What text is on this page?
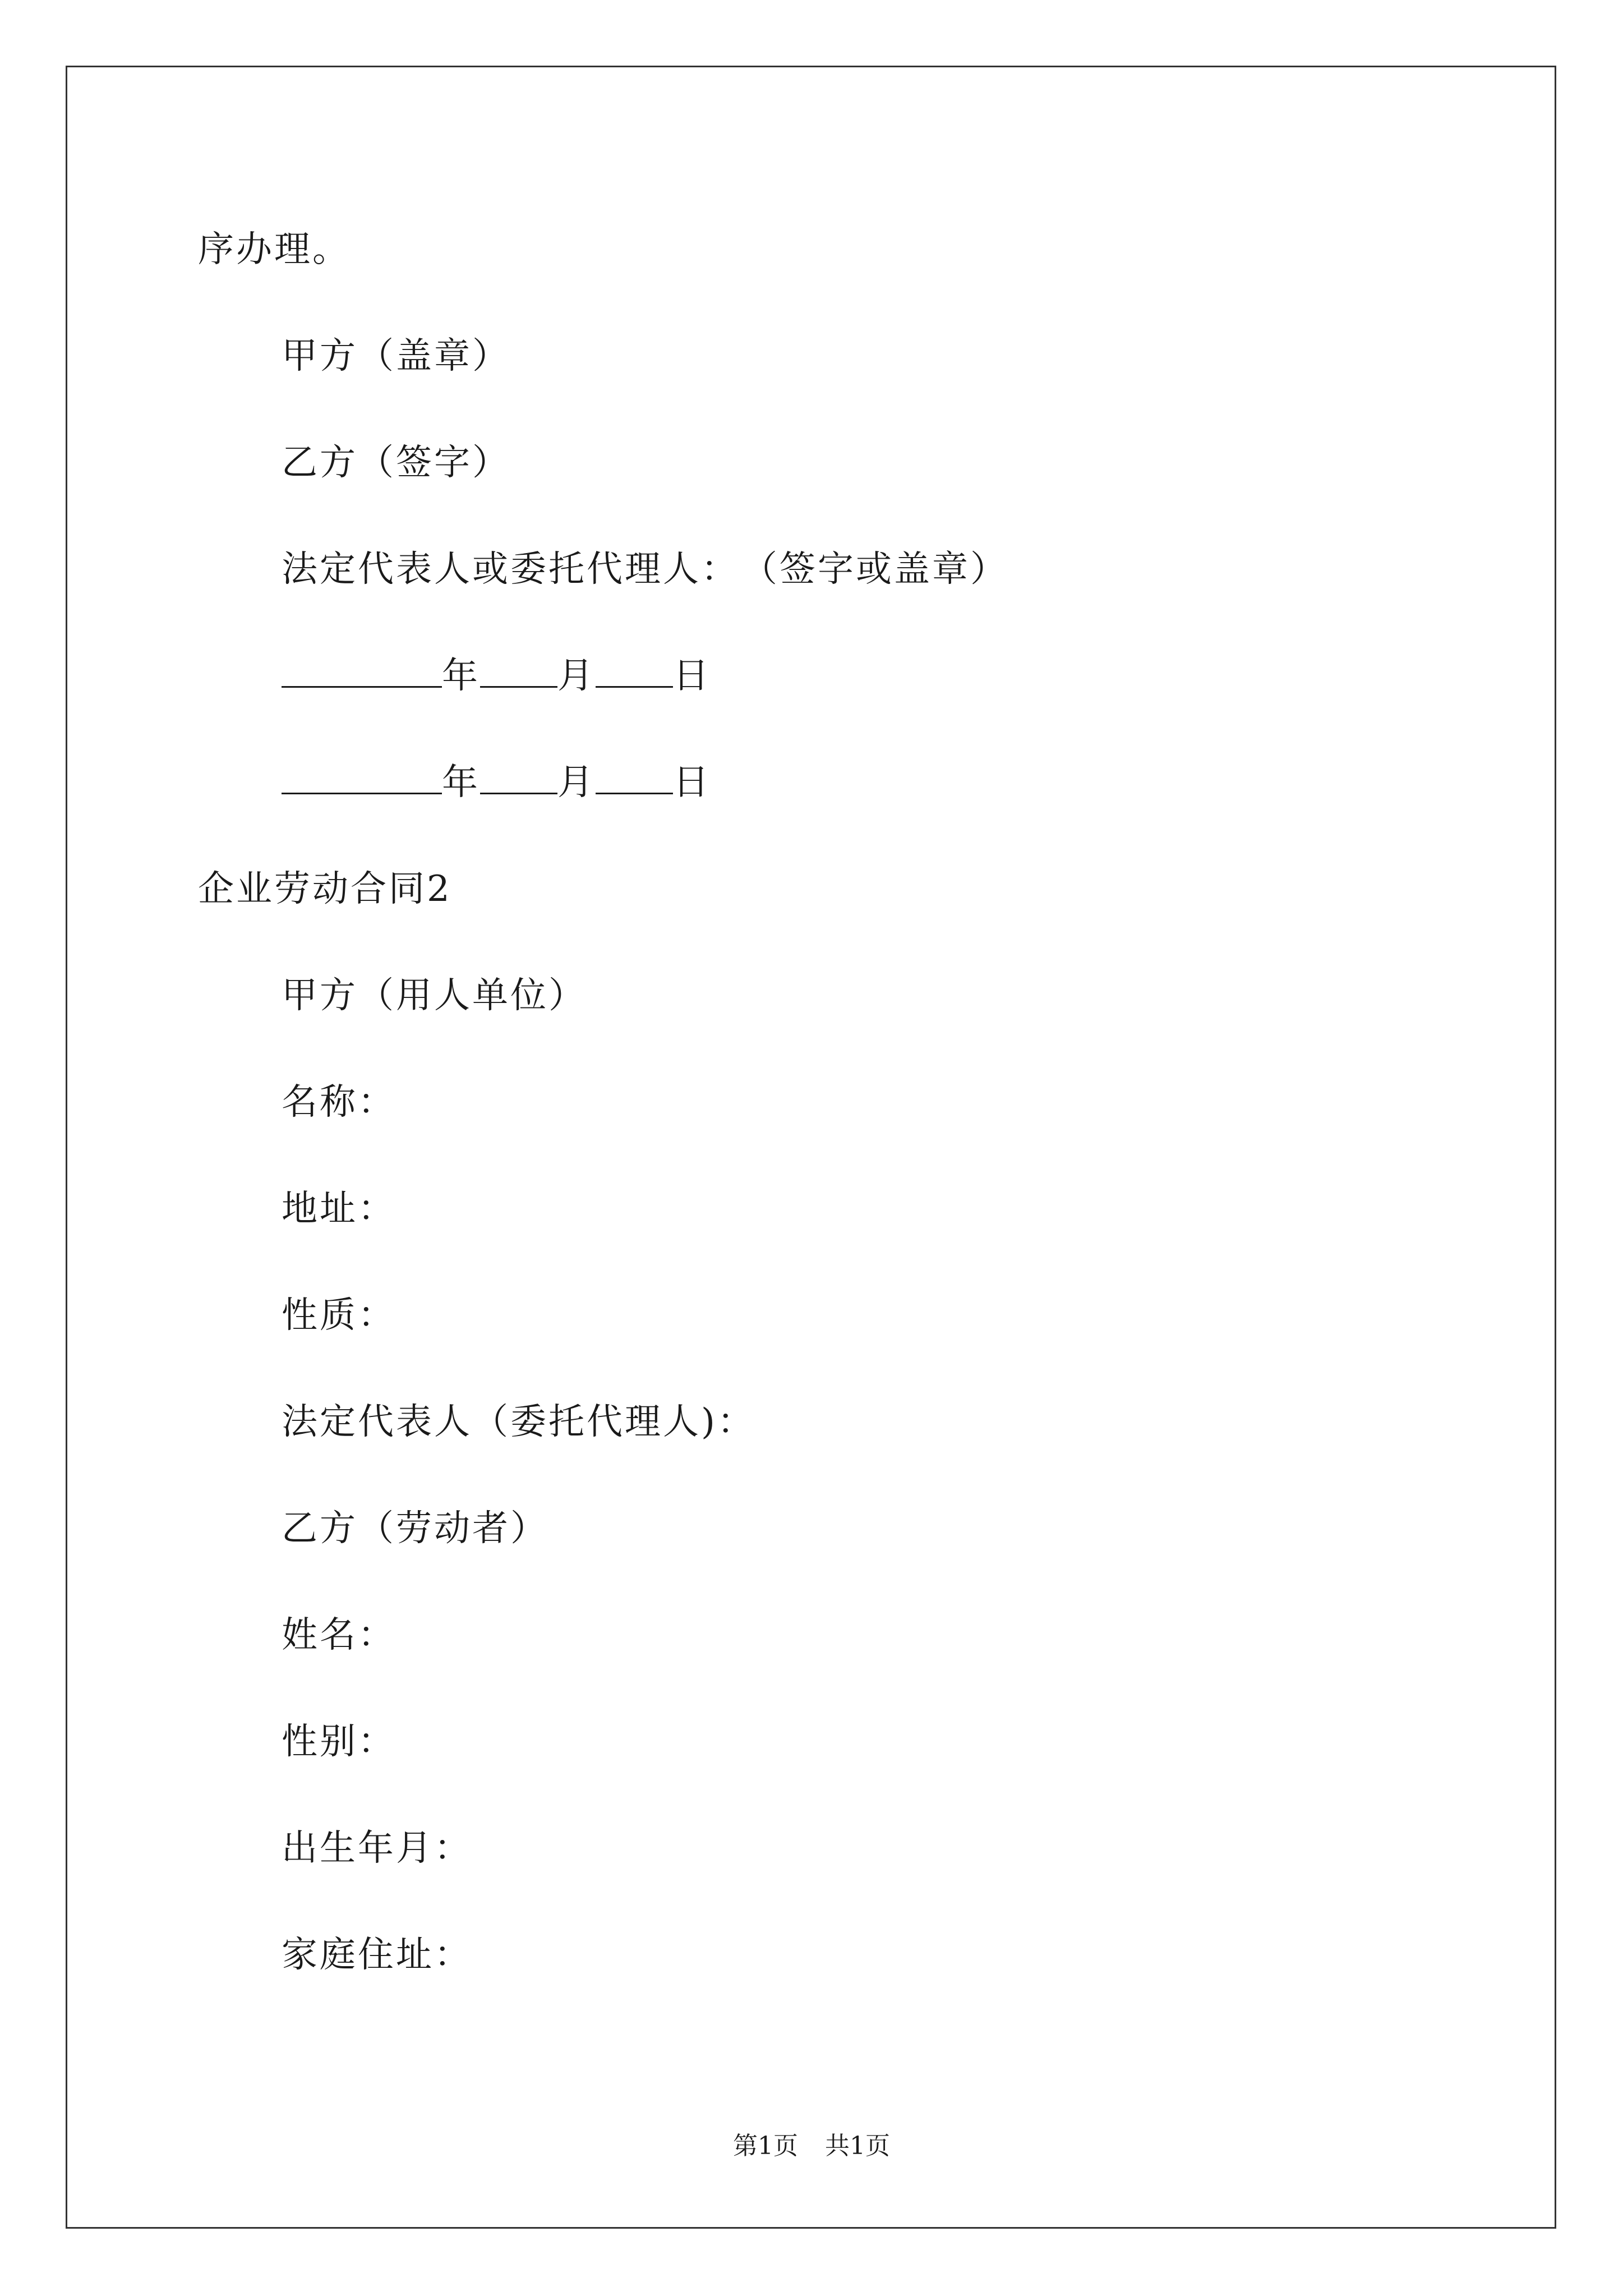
序办理。
甲方（盖章）
乙方（签字）
法定代表人或委托代理人：　（签字或盖章）
年 月 日
年 月 日
企业劳动合同2
甲方（用人单位）
名称：
地址：
性质：
法定代表人（委托代理人)：
乙方（劳动者）
姓名：
性别：
出生年月：
家庭住址：
第1页 共1页
